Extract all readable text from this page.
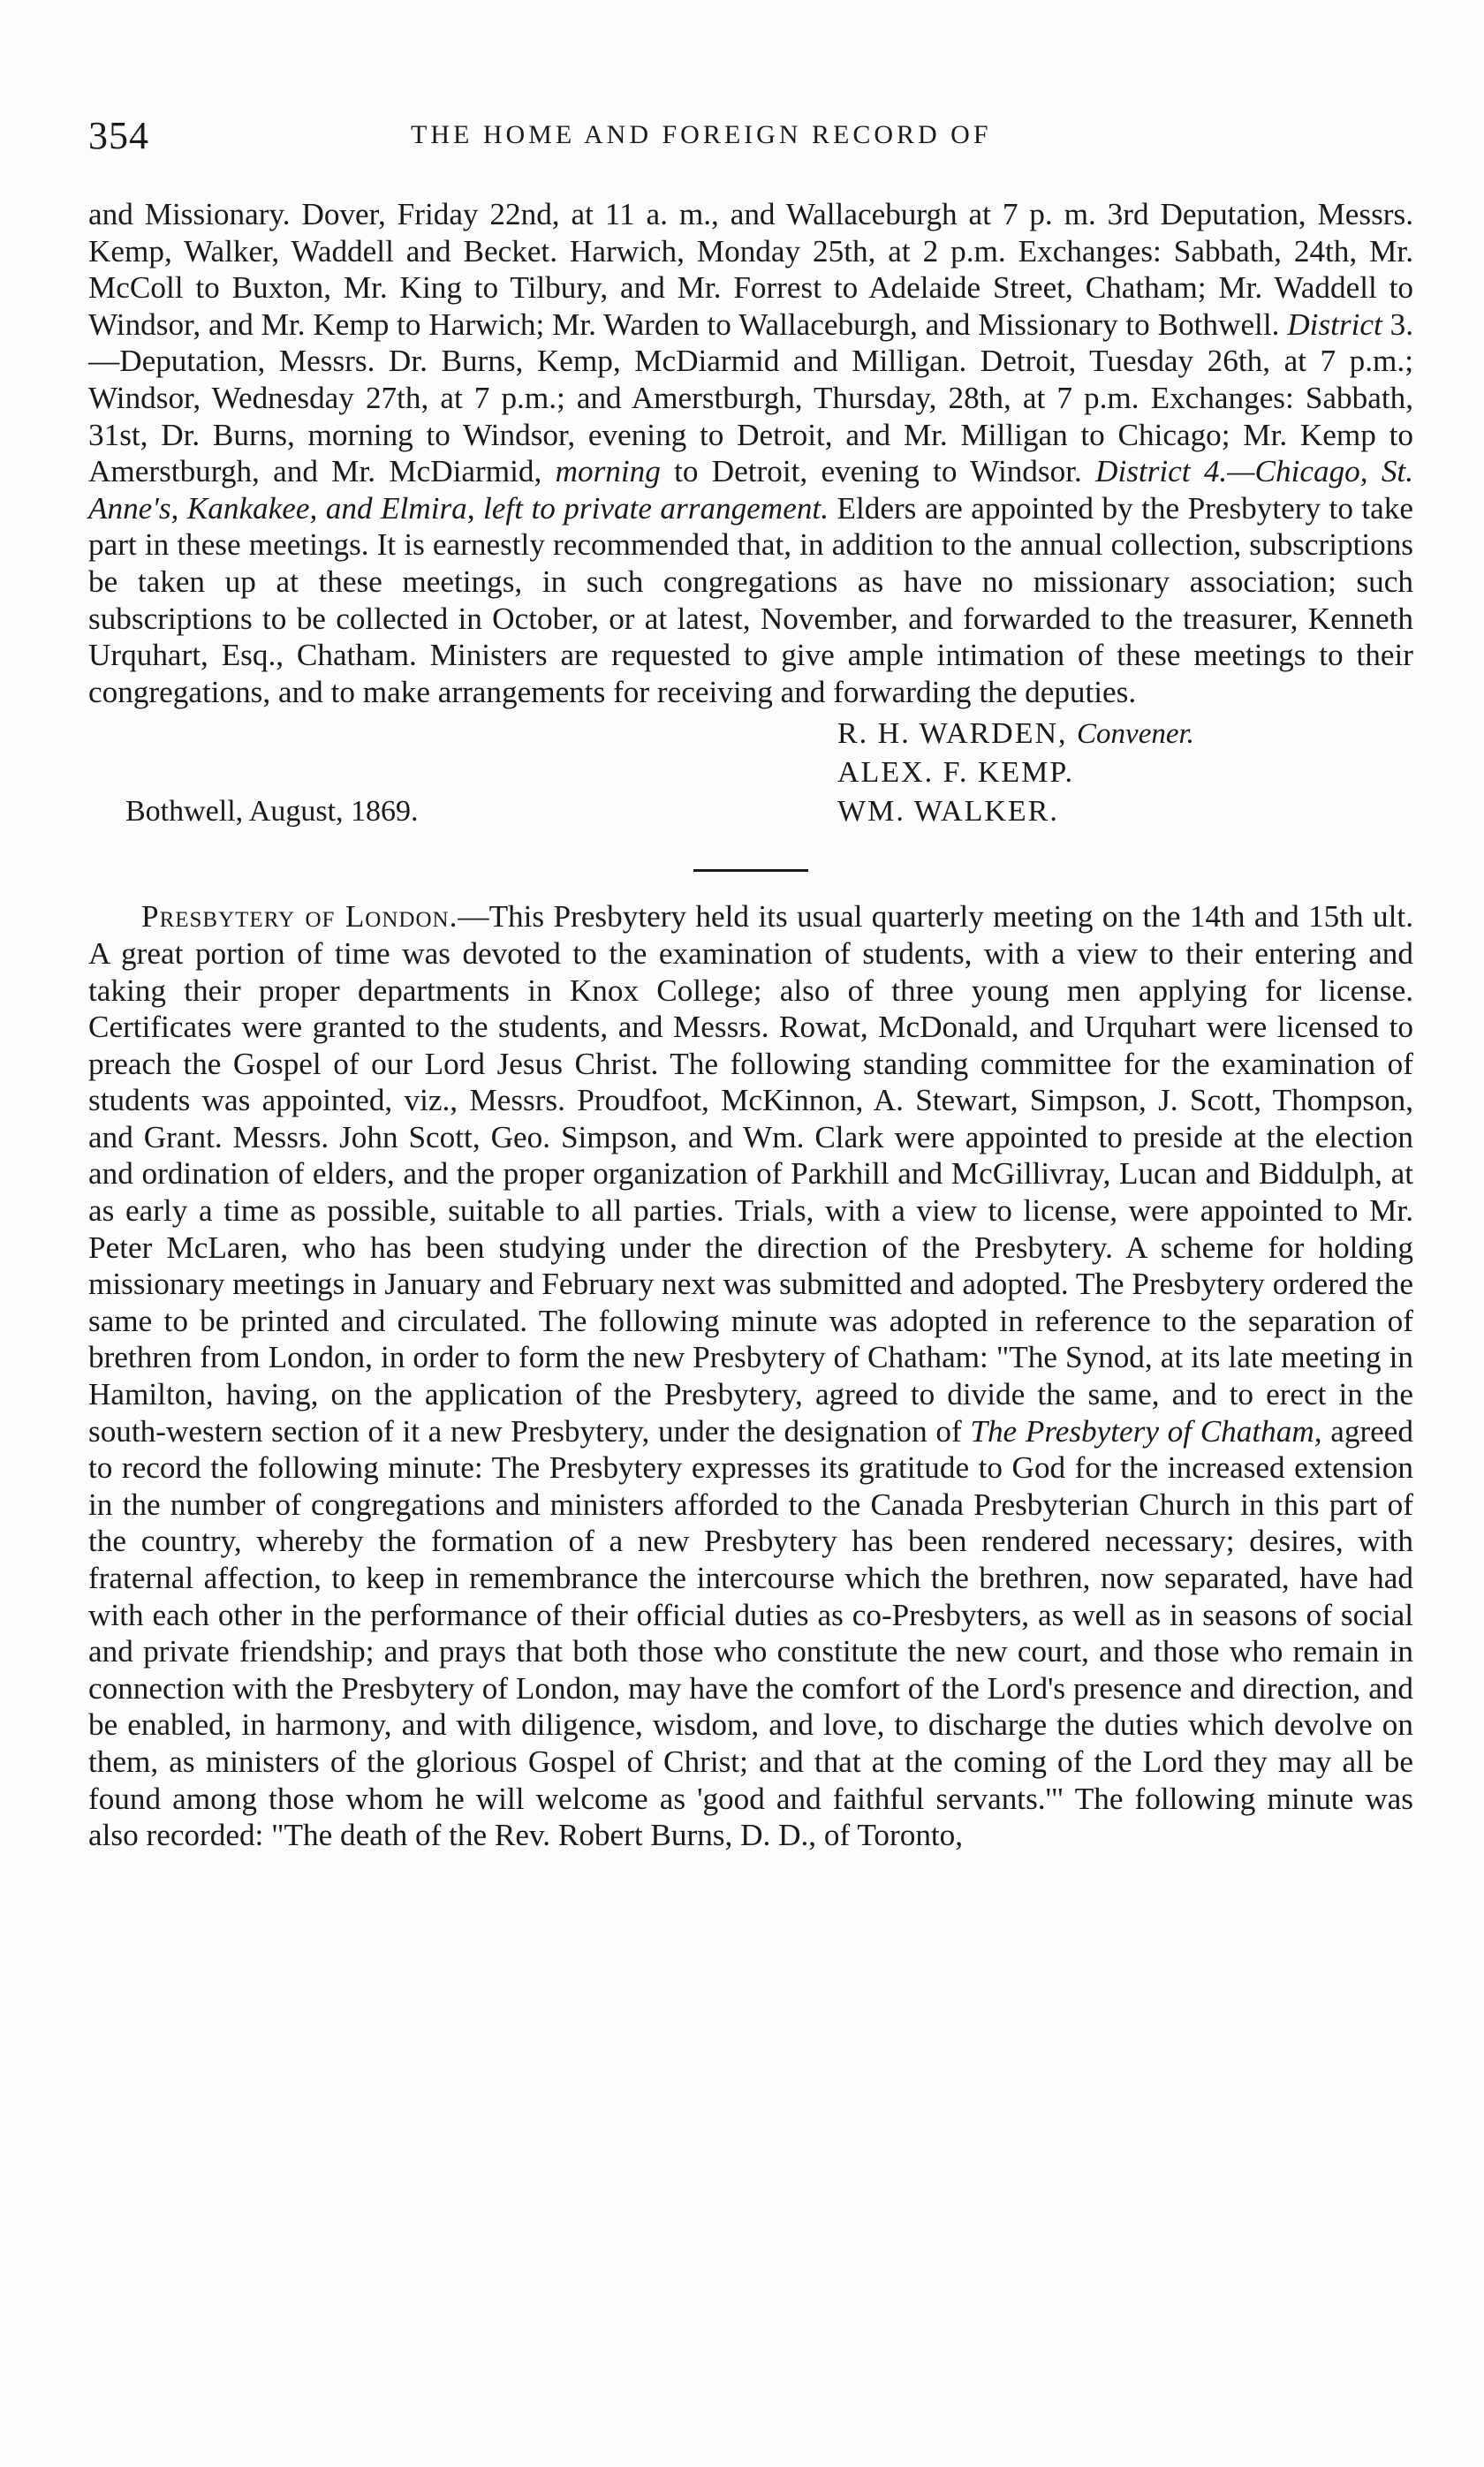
354	THE HOME AND FOREIGN RECORD OF

and Missionary. Dover, Friday 22nd, at 11 a. m., and Wallaceburgh at 7 p. m. 3rd Deputation, Messrs. Kemp, Walker, Waddell and Becket. Harwich, Monday 25th, at 2 p.m. Exchanges: Sabbath, 24th, Mr. McColl to Buxton, Mr. King to Tilbury, and Mr. Forrest to Adelaide Street, Chatham; Mr. Waddell to Windsor, and Mr. Kemp to Harwich; Mr. Warden to Wallaceburgh, and Missionary to Bothwell. District 3.—Deputation, Messrs. Dr. Burns, Kemp, McDiarmid and Milligan. Detroit, Tuesday 26th, at 7 p.m.; Windsor, Wednesday 27th, at 7 p.m.; and Amerstburgh, Thursday, 28th, at 7 p.m. Exchanges: Sabbath, 31st, Dr. Burns, morning to Windsor, evening to Detroit, and Mr. Milligan to Chicago; Mr. Kemp to Amerstburgh, and Mr. McDiarmid, morning to Detroit, evening to Windsor. District 4.—Chicago, St. Anne's, Kankakee, and Elmira, left to private arrangement. Elders are appointed by the Presbytery to take part in these meetings. It is earnestly recommended that, in addition to the annual collection, subscriptions be taken up at these meetings, in such congregations as have no missionary association; such subscriptions to be collected in October, or at latest, November, and forwarded to the treasurer, Kenneth Urquhart, Esq., Chatham. Ministers are requested to give ample intimation of these meetings to their congregations, and to make arrangements for receiving and forwarding the deputies.

R. H. WARDEN, Convener.
ALEX. F. KEMP.
WM. WALKER.
Bothwell, August, 1869.

Presbytery of London.—This Presbytery held its usual quarterly meeting on the 14th and 15th ult. A great portion of time was devoted to the examination of students, with a view to their entering and taking their proper departments in Knox College; also of three young men applying for license. Certificates were granted to the students, and Messrs. Rowat, McDonald, and Urquhart were licensed to preach the Gospel of our Lord Jesus Christ. The following standing committee for the examination of students was appointed, viz., Messrs. Proudfoot, McKinnon, A. Stewart, Simpson, J. Scott, Thompson, and Grant. Messrs. John Scott, Geo. Simpson, and Wm. Clark were appointed to preside at the election and ordination of elders, and the proper organization of Parkhill and McGillivray, Lucan and Biddulph, at as early a time as possible, suitable to all parties. Trials, with a view to license, were appointed to Mr. Peter McLaren, who has been studying under the direction of the Presbytery. A scheme for holding missionary meetings in January and February next was submitted and adopted. The Presbytery ordered the same to be printed and circulated. The following minute was adopted in reference to the separation of brethren from London, in order to form the new Presbytery of Chatham: "The Synod, at its late meeting in Hamilton, having, on the application of the Presbytery, agreed to divide the same, and to erect in the south-western section of it a new Presbytery, under the designation of The Presbytery of Chatham, agreed to record the following minute: The Presbytery expresses its gratitude to God for the increased extension in the number of congregations and ministers afforded to the Canada Presbyterian Church in this part of the country, whereby the formation of a new Presbytery has been rendered necessary; desires, with fraternal affection, to keep in remembrance the intercourse which the brethren, now separated, have had with each other in the performance of their official duties as co-Presbyters, as well as in seasons of social and private friendship; and prays that both those who constitute the new court, and those who remain in connection with the Presbytery of London, may have the comfort of the Lord's presence and direction, and be enabled, in harmony, and with diligence, wisdom, and love, to discharge the duties which devolve on them, as ministers of the glorious Gospel of Christ; and that at the coming of the Lord they may all be found among those whom he will welcome as 'good and faithful servants.'" The following minute was also recorded: "The death of the Rev. Robert Burns, D. D., of Toronto,
